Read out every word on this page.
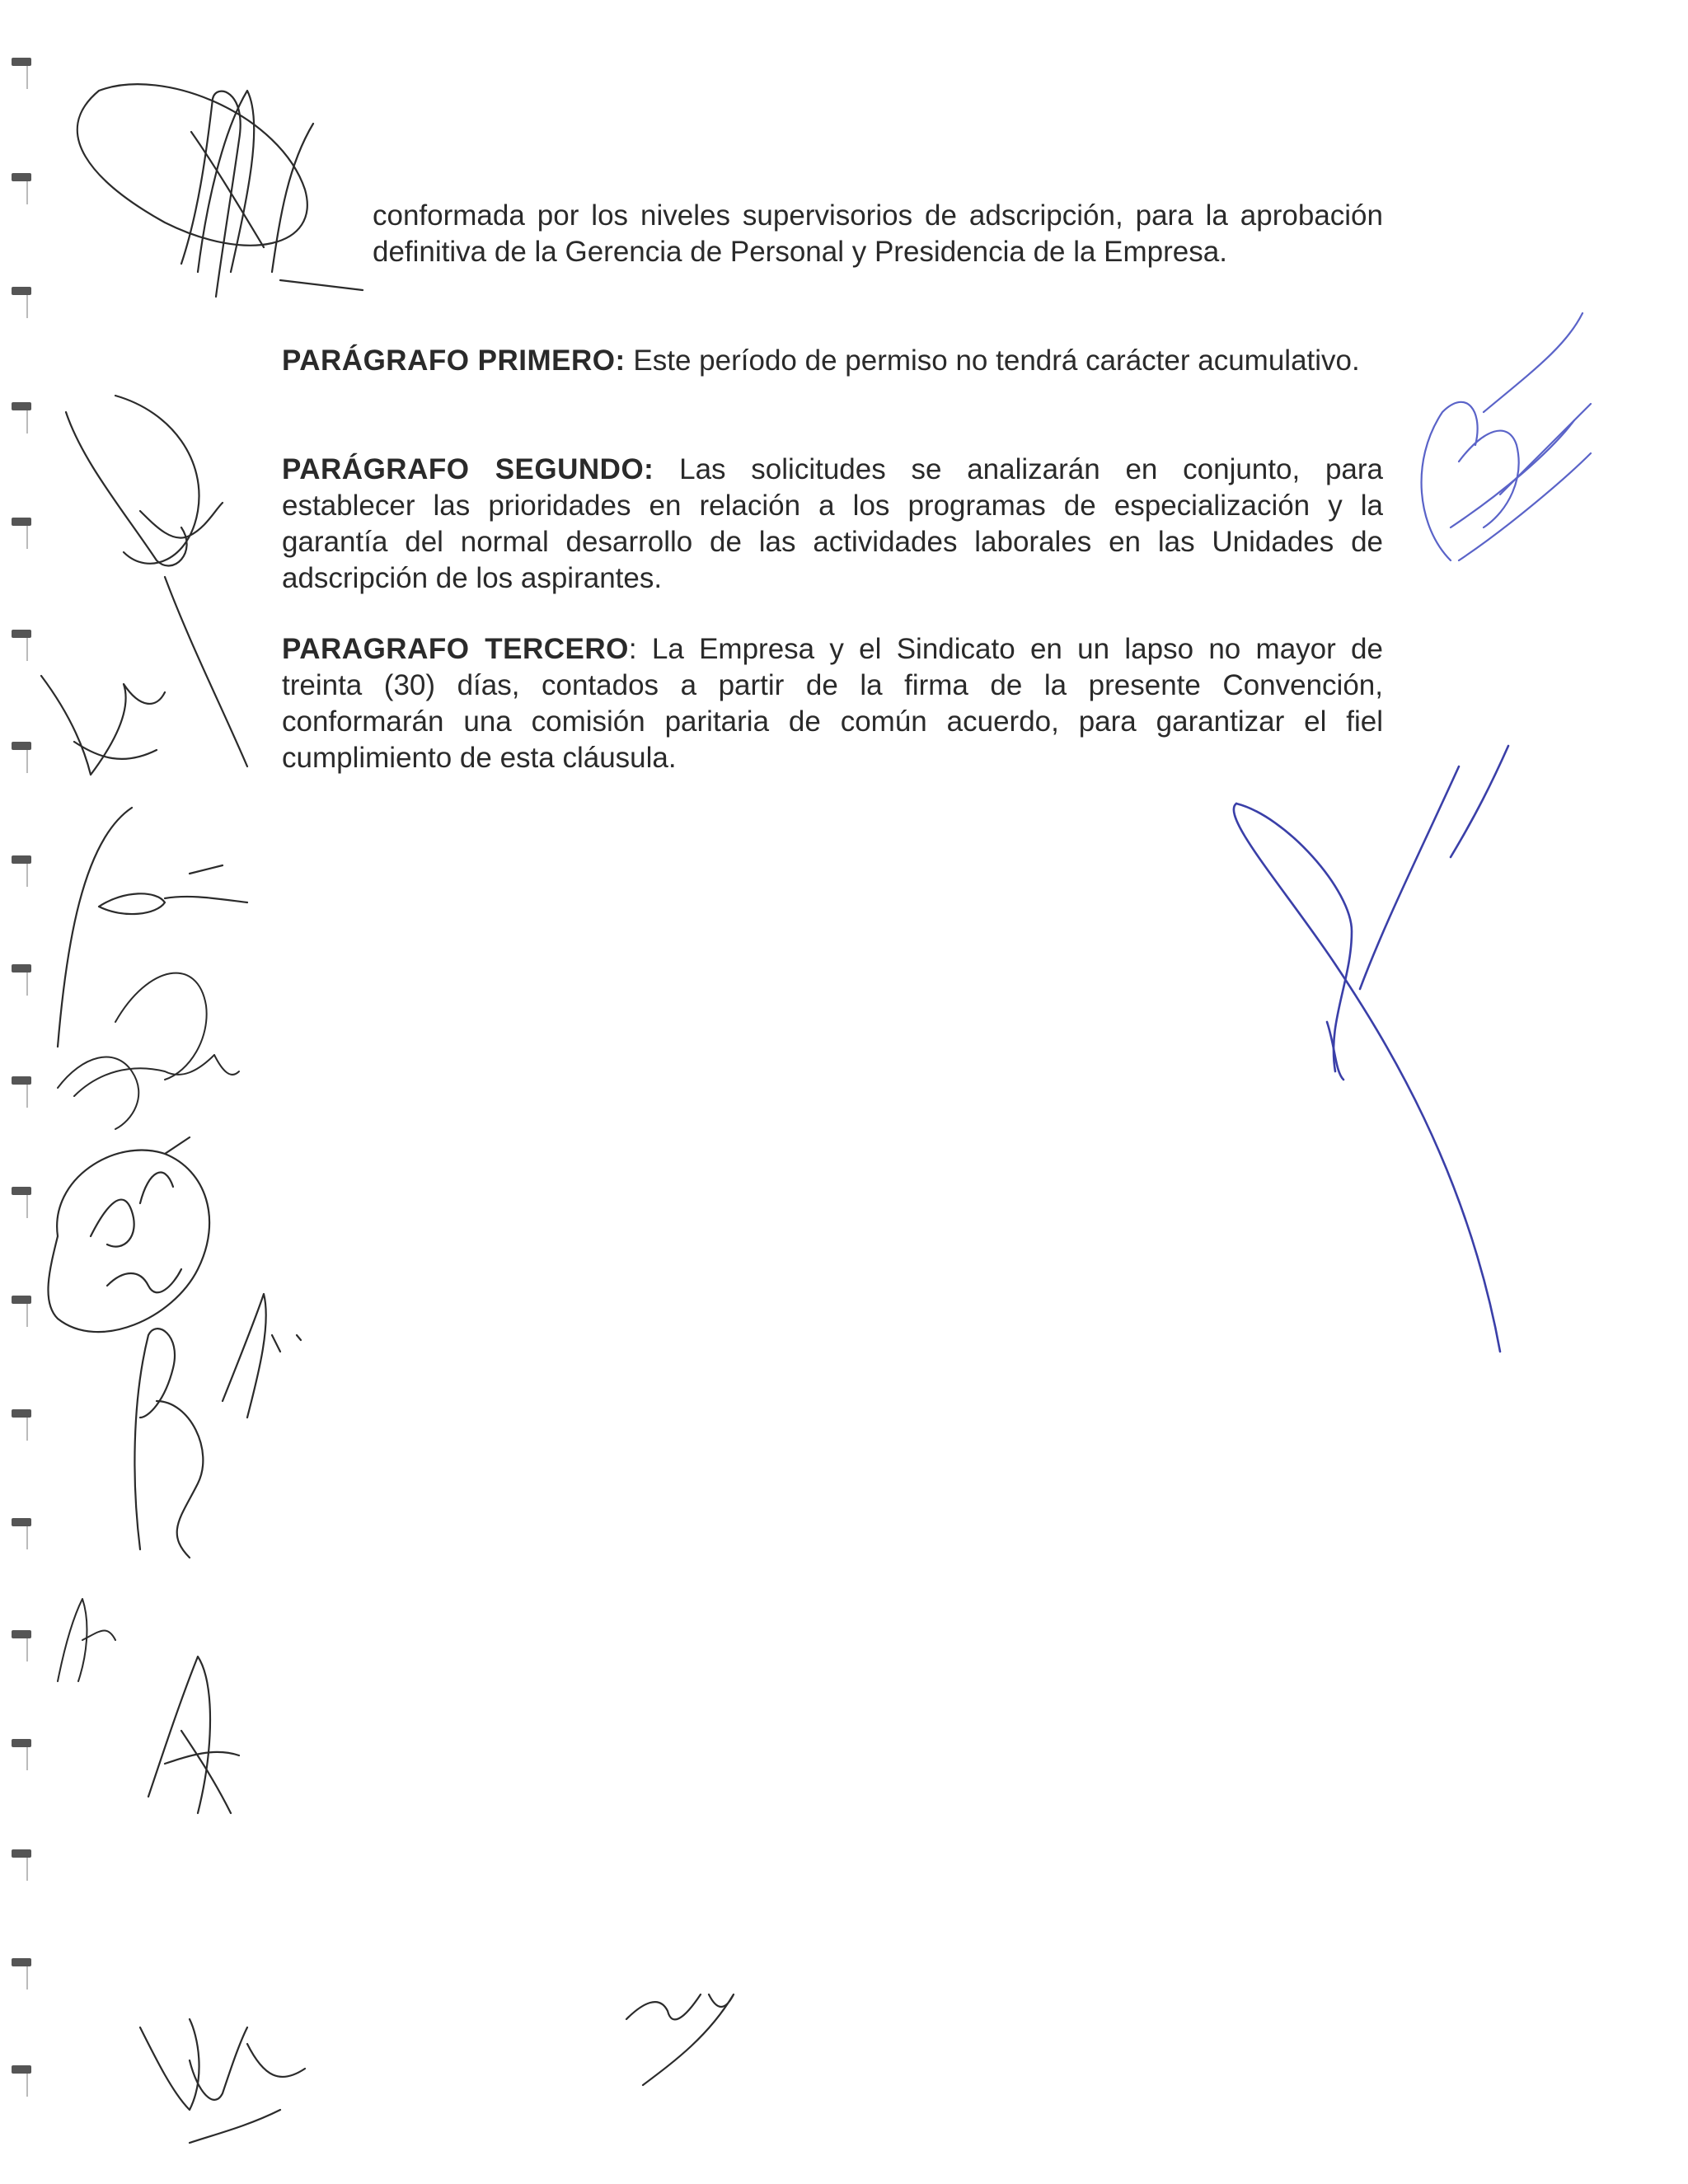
conformada por los niveles supervisorios de adscripción, para la aprobación definitiva de la Gerencia de Personal y Presidencia de la Empresa.

PARÁGRAFO PRIMERO: Este período de permiso no tendrá carácter acumulativo.

PARÁGRAFO SEGUNDO: Las solicitudes se analizarán en conjunto, para establecer las prioridades en relación a los programas de especialización y la garantía del normal desarrollo de las actividades laborales en las Unidades de adscripción de los aspirantes.

PARAGRAFO TERCERO: La Empresa y el Sindicato en un lapso no mayor de treinta (30) días, contados a partir de la firma de la presente Convención, conformarán una comisión paritaria de común acuerdo, para garantizar el fiel cumplimiento de esta cláusula.
